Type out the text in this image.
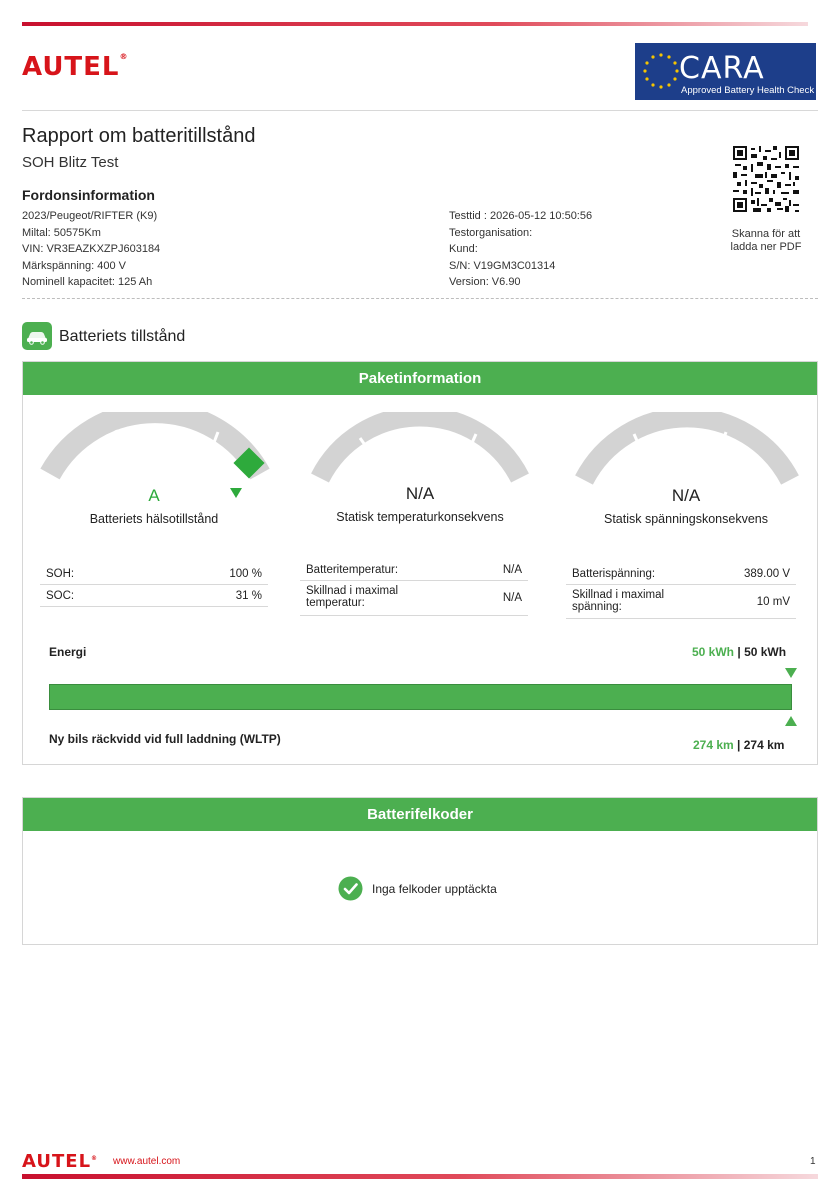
AUTEL®	CARA
Approved Battery Health Check
Rapport om batteritillstånd
SOH Blitz Test
Fordonsinformation
2023/Peugeot/RIFTER (K9)
Miltal: 50575Km
VIN: VR3EAZKXZPJ603184
Märkspänning: 400 V
Nominell kapacitet: 125 Ah
Testtid : 2026-05-12 10:50:56
Testorganisation:
Kund:
S/N: V19GM3C01314
Version: V6.90
Skanna för att
ladda ner PDF
Batteriets tillstånd
Paketinformation
A
Batteriets hälsotillstånd
N/A
Statisk temperaturkonsekvens
N/A
Statisk spänningskonsekvens
SOH:	100 %
SOC:	31 %
Batteritemperatur:	N/A
Skillnad i maximal
temperatur:	N/A
Batterispänning:	389.00 V
Skillnad i maximal
spänning:	10 mV
Energi	50 kWh | 50 kWh
Ny bils räckvidd vid full laddning (WLTP)	274 km | 274 km
Batterifelkoder
Inga felkoder upptäckta
AUTEL® www.autel.com	1
